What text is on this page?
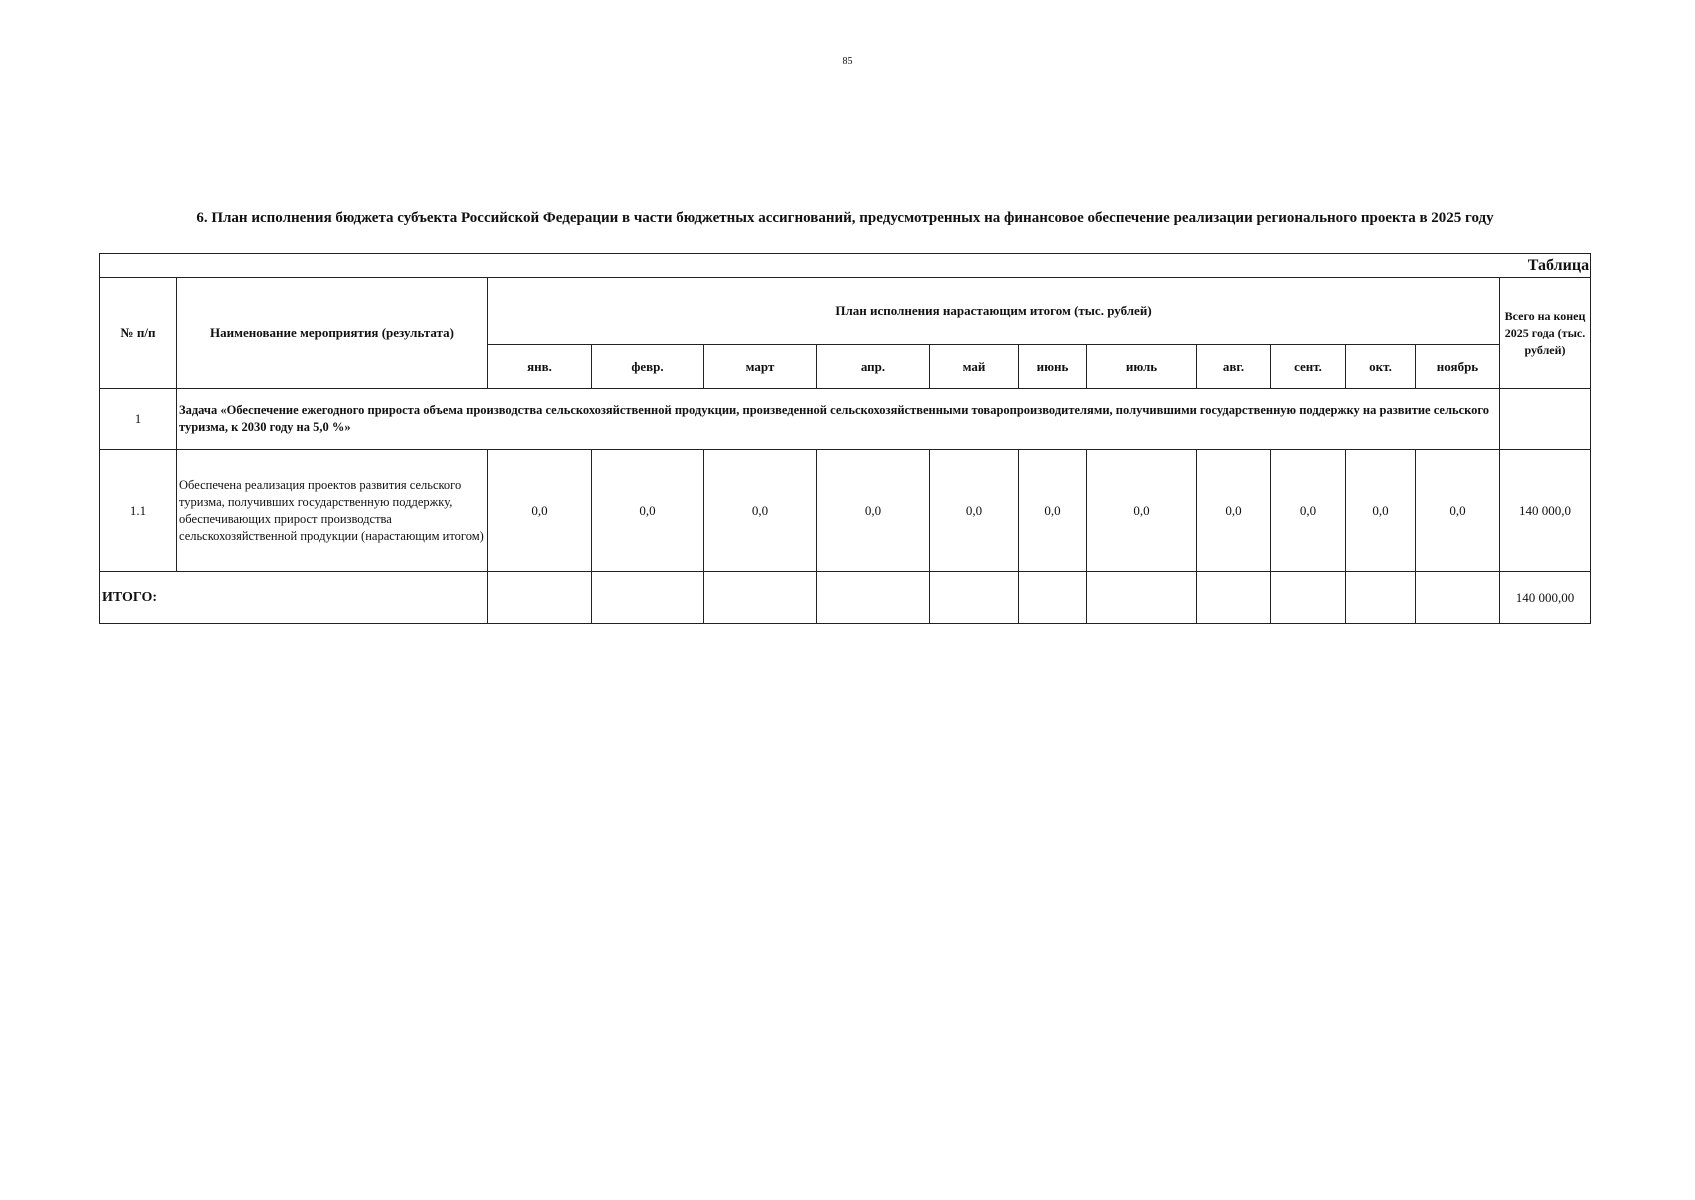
85
6. План исполнения бюджета субъекта Российской Федерации в части бюджетных ассигнований, предусмотренных на финансовое обеспечение реализации регионального проекта в 2025 году
Таблица													
№ п/п	Наименование мероприятия (результата)	План исполнения нарастающим итогом (тыс. рублей)											Всего на конец 2025 года (тыс. рублей)
		янв.	февр.	март	апр.	май	июнь	июль	авг.	сент.	окт.	ноябрь	
1	Задача «Обеспечение ежегодного прироста объема производства сельскохозяйственной продукции, произведенной сельскохозяйственными товаропроизводителями, получившими государственную поддержку на развитие сельского туризма, к 2030 году на 5,0 %»												
1.1	Обеспечена реализация проектов развития сельского туризма, получивших государственную поддержку, обеспечивающих прирост производства сельскохозяйственной продукции (нарастающим итогом)	0,0	0,0	0,0	0,0	0,0	0,0	0,0	0,0	0,0	0,0	0,0	140 000,0
ИТОГО:													140 000,00
